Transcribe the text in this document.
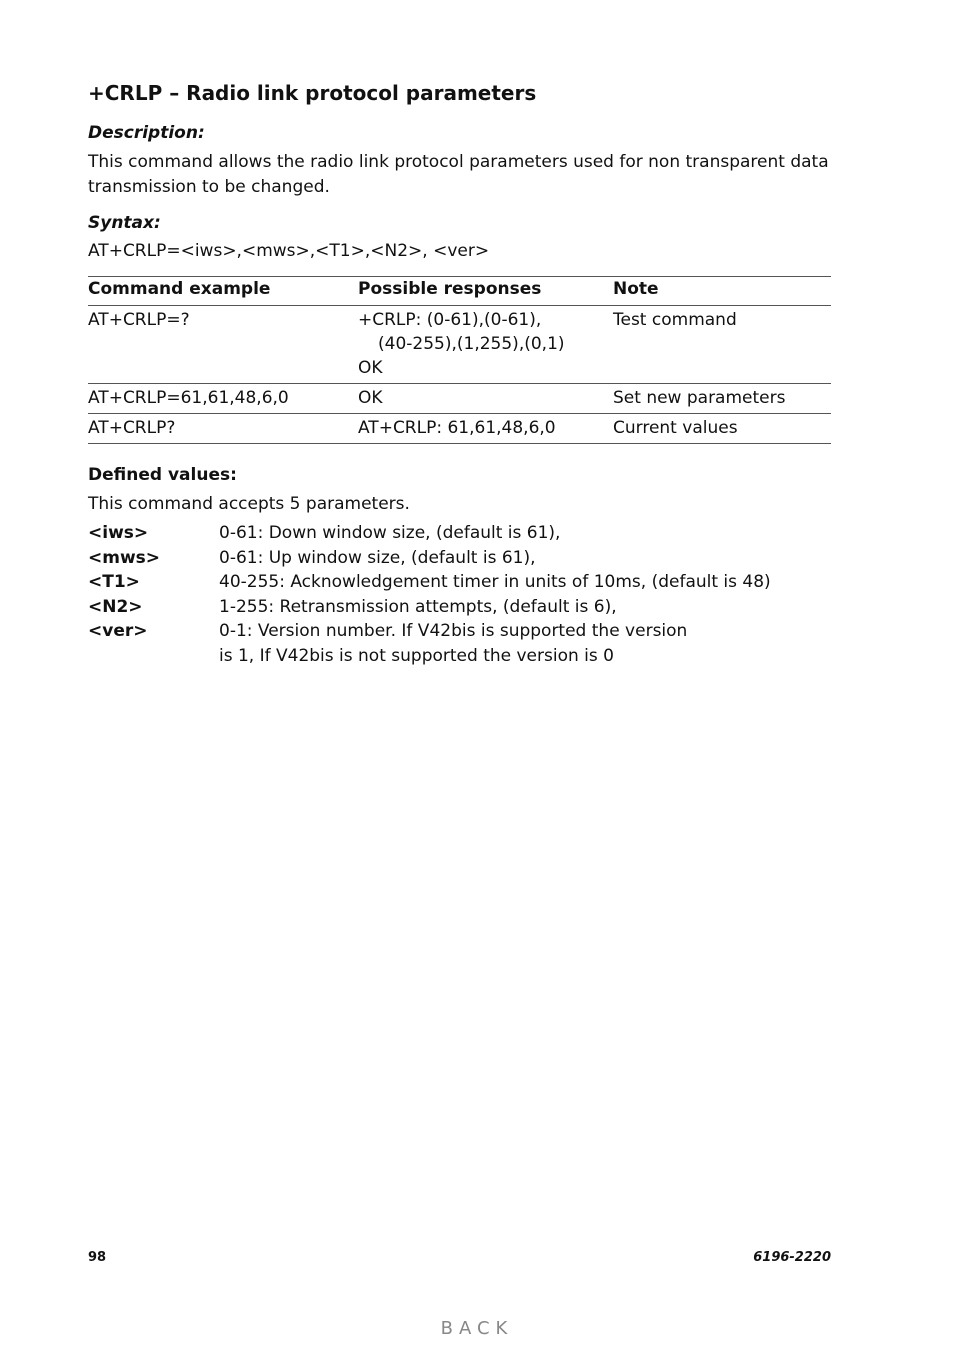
+CRLP – Radio link protocol parameters
Description:
This command allows the radio link protocol parameters used for non transparent data transmission to be changed.
Syntax:
AT+CRLP=<iws>,<mws>,<T1>,<N2>, <ver>
Command example	Possible responses	Note
AT+CRLP=?	+CRLP: (0-61),(0-61),
(40-255),(1,255),(0,1)
OK	Test command
AT+CRLP=61,61,48,6,0	OK	Set new parameters
AT+CRLP?	AT+CRLP: 61,61,48,6,0	Current values
Defined values:
This command accepts 5 parameters.
<iws>	0-61: Down window size, (default is 61),
<mws>	0-61: Up window size, (default is 61),
<T1>	40-255: Acknowledgement timer in units of 10ms, (default is 48)
<N2>	1-255: Retransmission attempts, (default is 6),
<ver>	0-1: Version number. If V42bis is supported the version
is 1, If V42bis is not supported the version is 0
98	6196-2220
BACK
